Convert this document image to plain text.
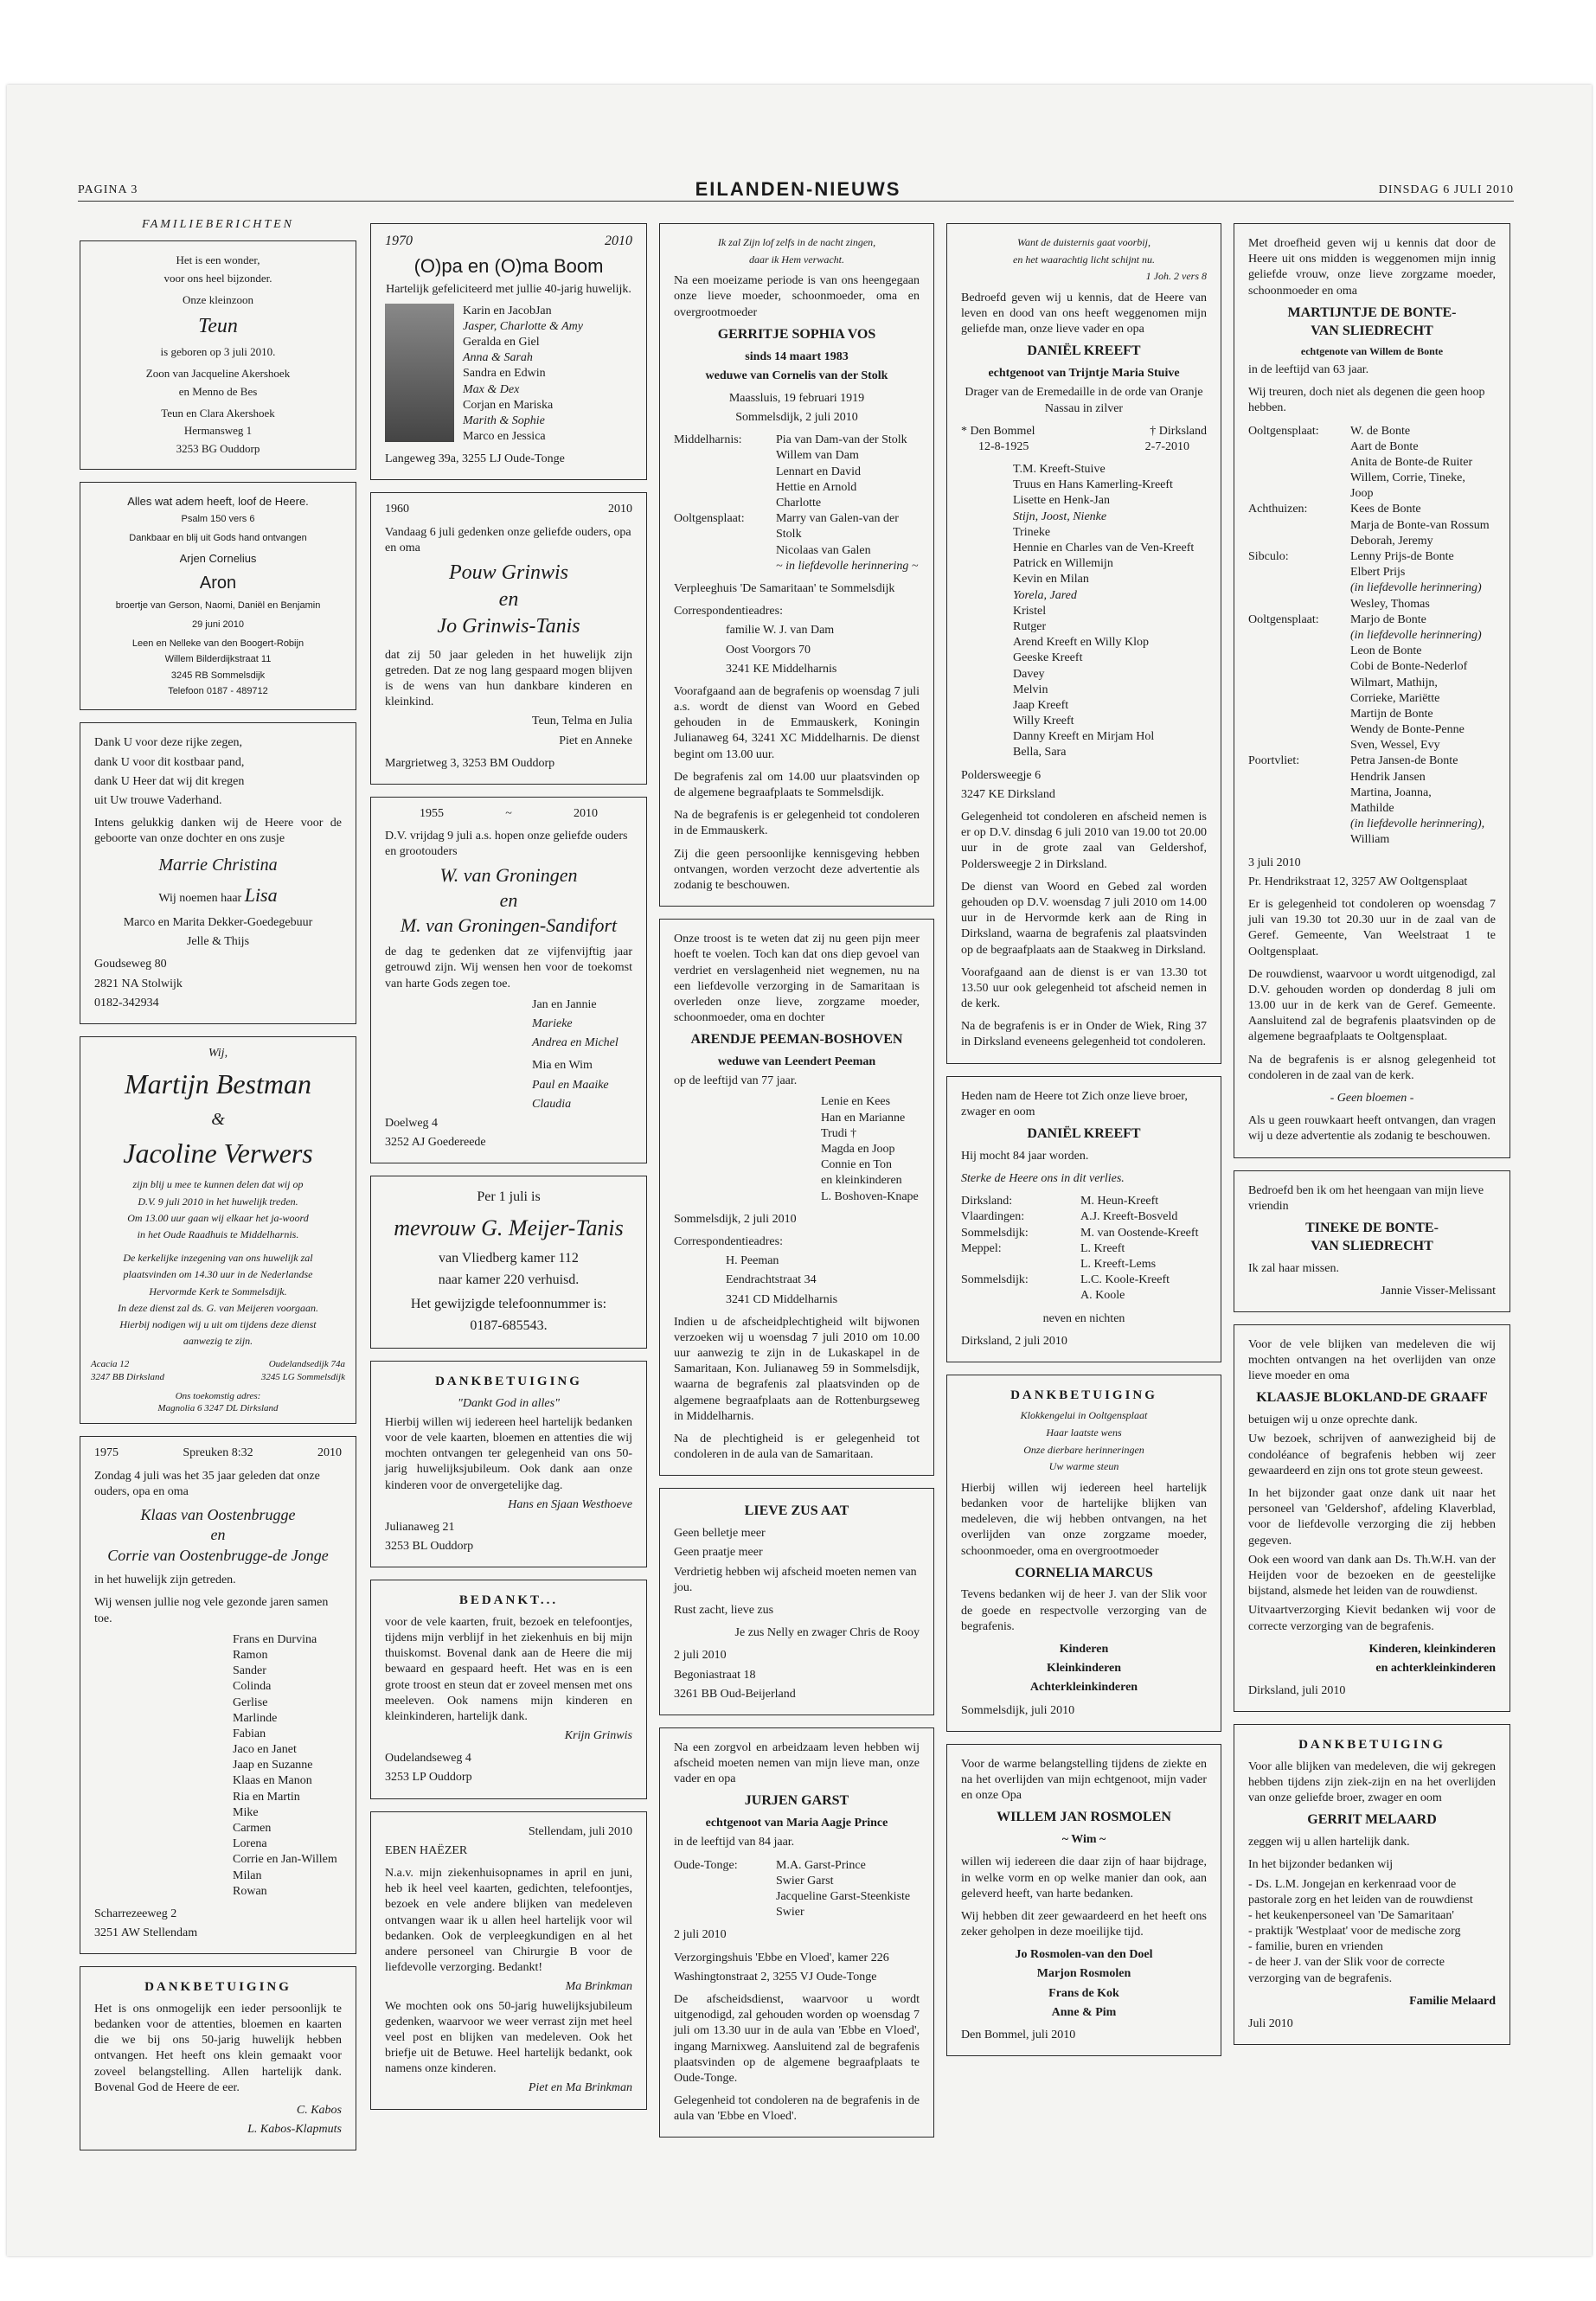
PAGINA 3	EILANDEN-NIEUWS	DINSDAG 6 JULI 2010
FAMILIEBERICHTEN

Het is een wonder,

voor ons heel bijzonder.

Onze kleinzoon

Teun

is geboren op 3 juli 2010.

Zoon van Jacqueline Akershoek

en Menno de Bes

Teun en Clara Akershoek

Hermansweg 1

3253 BG Ouddorp

Alles wat adem heeft, loof de Heere.

Psalm 150 vers 6

Dankbaar en blij uit Gods hand ontvangen

Arjen Cornelius

Aron

broertje van Gerson, Naomi, Daniël en Benjamin

29 juni 2010

Leen en Nelleke van den Boogert-Robijn

Willem Bilderdijkstraat 11

3245 RB Sommelsdijk

Telefoon 0187 - 489712

Dank U voor deze rijke zegen,

dank U voor dit kostbaar pand,

dank U Heer dat wij dit kregen

uit Uw trouwe Vaderhand.

Intens gelukkig danken wij de Heere voor de geboorte van onze dochter en ons zusje

Marrie Christina

Wij noemen haar Lisa

Marco en Marita Dekker-Goedegebuur

Jelle & Thijs

Goudseweg 80

2821 NA Stolwijk

0182-342934

Wij,
Martijn Bestman
&
Jacoline Verwers
zijn blij u mee te kunnen delen dat wij op
D.V. 9 juli 2010 in het huwelijk treden.
Om 13.00 uur gaan wij elkaar het ja-woord
in het Oude Raadhuis te Middelharnis.
De kerkelijke inzegening van ons huwelijk zal
plaatsvinden om 14.30 uur in de Nederlandse
Hervormde Kerk te Sommelsdijk.
In deze dienst zal ds. G. van Meijeren voorgaan.
Hierbij nodigen wij u uit om tijdens deze dienst
aanwezig te zijn.
Acacia 12	Oudelandsedijk 74a
3247 BB Dirksland	3245 LG Sommelsdijk
Ons toekomstig adres:
Magnolia 6 3247 DL Dirksland
1975	Spreuken 8:32	2010

Zondag 4 juli was het 35 jaar geleden dat onze ouders, opa en oma

Klaas van Oostenbrugge
en
Corrie van Oostenbrugge-de Jonge

in het huwelijk zijn getreden.

Wij wensen jullie nog vele gezonde jaren samen toe.

Frans en Durvina
Ramon
Sander
Colinda
Gerlise
Marlinde
Fabian
Jaco en Janet
Jaap en Suzanne
Klaas en Manon
Ria en Martin
Mike
Carmen
Lorena
Corrie en Jan-Willem
Milan
Rowan

Scharrezeeweg 2

3251 AW Stellendam

DANKBETUIGING

Het is ons onmogelijk een ieder persoonlijk te bedanken voor de attenties, bloemen en kaarten die we bij ons 50-jarig huwelijk hebben ontvangen. Het heeft ons klein gemaakt voor zoveel belangstelling. Allen hartelijk dank. Bovenal God de Heere de eer.

C. Kabos

L. Kabos-Klapmuts

1970	2010
(O)pa en (O)ma Boom

Hartelijk gefeliciteerd met jullie 40-jarig huwelijk.

Karin en JacobJan
Jasper, Charlotte & Amy
Geralda en Giel
Anna & Sarah
Sandra en Edwin
Max & Dex
Corjan en Mariska
Marith & Sophie
Marco en Jessica

Langeweg 39a, 3255 LJ Oude-Tonge

1960	2010

Vandaag 6 juli gedenken onze geliefde ouders, opa en oma

Pouw Grinwis
en
Jo Grinwis-Tanis

dat zij 50 jaar geleden in het huwelijk zijn getreden. Dat ze nog lang gespaard mogen blijven is de wens van hun dankbare kinderen en kleinkind.

Teun, Telma en Julia

Piet en Anneke

Margrietweg 3, 3253 BM Ouddorp

1955	~	2010

D.V. vrijdag 9 juli a.s. hopen onze geliefde ouders en grootouders

W. van Groningen
en
M. van Groningen-Sandifort

de dag te gedenken dat ze vijfenvijftig jaar getrouwd zijn. Wij wensen hen voor de toekomst van harte Gods zegen toe.

Jan en Jannie

Marieke

Andrea en Michel

Mia en Wim

Paul en Maaike

Claudia

Doelweg 4

3252 AJ Goedereede

Per 1 juli is

mevrouw G. Meijer-Tanis

van Vliedberg kamer 112

naar kamer 220 verhuisd.

Het gewijzigde telefoonnummer is:

0187-685543.

DANKBETUIGING

"Dankt God in alles"

Hierbij willen wij iedereen heel hartelijk bedanken voor de vele kaarten, bloemen en attenties die wij mochten ontvangen ter gelegenheid van ons 50-jarig huwelijksjubileum. Ook dank aan onze kinderen voor de onvergetelijke dag.

Hans en Sjaan Westhoeve

Julianaweg 21

3253 BL Ouddorp

BEDANKT...

voor de vele kaarten, fruit, bezoek en telefoontjes, tijdens mijn verblijf in het ziekenhuis en bij mijn thuiskomst. Bovenal dank aan de Heere die mij bewaard en gespaard heeft. Het was en is een grote troost en steun dat er zoveel mensen met ons meeleven. Ook namens mijn kinderen en kleinkinderen, hartelijk dank.

Krijn Grinwis

Oudelandseweg 4

3253 LP Ouddorp

Stellendam, juli 2010

EBEN HAËZER

N.a.v. mijn ziekenhuisopnames in april en juni, heb ik heel veel kaarten, gedichten, telefoontjes, bezoek en vele andere blijken van medeleven ontvangen waar ik u allen heel hartelijk voor wil bedanken. Ook de verpleegkundigen en al het andere personeel van Chirurgie B voor de liefdevolle verzorging. Bedankt!

Ma Brinkman

We mochten ook ons 50-jarig huwelijksjubileum gedenken, waarvoor we weer verrast zijn met heel veel post en blijken van medeleven. Ook het briefje uit de Betuwe. Heel hartelijk bedankt, ook namens onze kinderen.

Piet en Ma Brinkman

Ik zal Zijn lof zelfs in de nacht zingen,

daar ik Hem verwacht.

Na een moeizame periode is van ons heengegaan onze lieve moeder, schoonmoeder, oma en overgrootmoeder

GERRITJE SOPHIA VOS

sinds 14 maart 1983

weduwe van Cornelis van der Stolk

Maassluis, 19 februari 1919

Sommelsdijk, 2 juli 2010

Middelharnis:	Pia van Dam-van der Stolk
Willem van Dam
Lennart en David
Hettie en Arnold
Charlotte
Ooltgensplaat:	Marry van Galen-van der Stolk
Nicolaas van Galen
~ in liefdevolle herinnering ~

Verpleeghuis 'De Samaritaan' te Sommelsdijk

Correspondentieadres:

familie W. J. van Dam

Oost Voorgors 70

3241 KE Middelharnis

Voorafgaand aan de begrafenis op woensdag 7 juli a.s. wordt de dienst van Woord en Gebed gehouden in de Emmauskerk, Koningin Julianaweg 64, 3241 XC Middelharnis. De dienst begint om 13.00 uur.

De begrafenis zal om 14.00 uur plaatsvinden op de algemene begraafplaats te Sommelsdijk.

Na de begrafenis is er gelegenheid tot condoleren in de Emmauskerk.

Zij die geen persoonlijke kennisgeving hebben ontvangen, worden verzocht deze advertentie als zodanig te beschouwen.

Onze troost is te weten dat zij nu geen pijn meer hoeft te voelen. Toch kan dat ons diep gevoel van verdriet en verslagenheid niet wegnemen, nu na een liefdevolle verzorging in de Samaritaan is overleden onze lieve, zorgzame moeder, schoonmoeder, oma en dochter

ARENDJE PEEMAN-BOSHOVEN

weduwe van Leendert Peeman

op de leeftijd van 77 jaar.

Lenie en Kees
Han en Marianne
Trudi †
Magda en Joop
Connie en Ton
en kleinkinderen
L. Boshoven-Knape

Sommelsdijk, 2 juli 2010

Correspondentieadres:

H. Peeman

Eendrachtstraat 34

3241 CD Middelharnis

Indien u de afscheidplechtigheid wilt bijwonen verzoeken wij u woensdag 7 juli 2010 om 10.00 uur aanwezig te zijn in de Lukaskapel in de Samaritaan, Kon. Julianaweg 59 in Sommelsdijk, waarna de begrafenis zal plaatsvinden op de algemene begraafplaats aan de Rottenburgseweg in Middelharnis.

Na de plechtigheid is er gelegenheid tot condoleren in de aula van de Samaritaan.

LIEVE ZUS AAT

Geen belletje meer

Geen praatje meer

Verdrietig hebben wij afscheid moeten nemen van jou.

Rust zacht, lieve zus

Je zus Nelly en zwager Chris de Rooy

2 juli 2010

Begoniastraat 18

3261 BB Oud-Beijerland

Na een zorgvol en arbeidzaam leven hebben wij afscheid moeten nemen van mijn lieve man, onze vader en opa

JURJEN GARST

echtgenoot van Maria Aagje Prince

in de leeftijd van 84 jaar.

Oude-Tonge:	M.A. Garst-Prince
Swier Garst
Jacqueline Garst-Steenkiste
Swier

2 juli 2010

Verzorgingshuis 'Ebbe en Vloed', kamer 226

Washingtonstraat 2, 3255 VJ Oude-Tonge

De afscheidsdienst, waarvoor u wordt uitgenodigd, zal gehouden worden op woensdag 7 juli om 13.30 uur in de aula van 'Ebbe en Vloed', ingang Marnixweg. Aansluitend zal de begrafenis plaatsvinden op de algemene begraafplaats te Oude-Tonge.

Gelegenheid tot condoleren na de begrafenis in de aula van 'Ebbe en Vloed'.

Want de duisternis gaat voorbij,

en het waarachtig licht schijnt nu.

1 Joh. 2 vers 8

Bedroefd geven wij u kennis, dat de Heere van leven en dood van ons heeft weggenomen mijn geliefde man, onze lieve vader en opa

DANIËL KREEFT

echtgenoot van Trijntje Maria Stuive

Drager van de Eremedaille in de orde van Oranje Nassau in zilver

* Den Bommel	† Dirksland
12-8-1925	2-7-2010
T.M. Kreeft-Stuive
Truus en Hans Kamerling-Kreeft
Lisette en Henk-Jan
Stijn, Joost, Nienke
Trineke
Hennie en Charles van de Ven-Kreeft
Patrick en Willemijn
Kevin en Milan
Yorela, Jared
Kristel
Rutger
Arend Kreeft en Willy Klop
Geeske Kreeft
Davey
Melvin
Jaap Kreeft
Willy Kreeft
Danny Kreeft en Mirjam Hol
Bella, Sara

Poldersweegje 6

3247 KE Dirksland

Gelegenheid tot condoleren en afscheid nemen is er op D.V. dinsdag 6 juli 2010 van 19.00 tot 20.00 uur in de grote zaal van Geldershof, Poldersweegje 2 in Dirksland.

De dienst van Woord en Gebed zal worden gehouden op D.V. woensdag 7 juli 2010 om 14.00 uur in de Hervormde kerk aan de Ring in Dirksland, waarna de begrafenis zal plaatsvinden op de begraafplaats aan de Staakweg in Dirksland.

Voorafgaand aan de dienst is er van 13.30 tot 13.50 uur ook gelegenheid tot afscheid nemen in de kerk.

Na de begrafenis is er in Onder de Wiek, Ring 37 in Dirksland eveneens gelegenheid tot condoleren.

Heden nam de Heere tot Zich onze lieve broer, zwager en oom

DANIËL KREEFT

Hij mocht 84 jaar worden.

Sterke de Heere ons in dit verlies.

Dirksland:	M. Heun-Kreeft
Vlaardingen:	A.J. Kreeft-Bosveld
Sommelsdijk:	M. van Oostende-Kreeft
Meppel:	L. Kreeft
L. Kreeft-Lems
Sommelsdijk:	L.C. Koole-Kreeft
A. Koole

neven en nichten

Dirksland, 2 juli 2010

DANKBETUIGING

Klokkengelui in Ooltgensplaat

Haar laatste wens

Onze dierbare herinneringen

Uw warme steun

Hierbij willen wij iedereen heel hartelijk bedanken voor de hartelijke blijken van medeleven, die wij hebben ontvangen, na het overlijden van onze zorgzame moeder, schoonmoeder, oma en overgrootmoeder

CORNELIA MARCUS

Tevens bedanken wij de heer J. van der Slik voor de goede en respectvolle verzorging van de begrafenis.

Kinderen

Kleinkinderen

Achterkleinkinderen

Sommelsdijk, juli 2010

Voor de warme belangstelling tijdens de ziekte en na het overlijden van mijn echtgenoot, mijn vader en onze Opa

WILLEM JAN ROSMOLEN

~ Wim ~

willen wij iedereen die daar zijn of haar bijdrage, in welke vorm en op welke manier dan ook, aan geleverd heeft, van harte bedanken.

Wij hebben dit zeer gewaardeerd en het heeft ons zeker geholpen in deze moeilijke tijd.

Jo Rosmolen-van den Doel

Marjon Rosmolen

Frans de Kok

Anne & Pim

Den Bommel, juli 2010

Met droefheid geven wij u kennis dat door de Heere uit ons midden is weggenomen mijn innig geliefde vrouw, onze lieve zorgzame moeder, schoonmoeder en oma

MARTIJNTJE DE BONTE-
VAN SLIEDRECHT

echtgenote van Willem de Bonte

in de leeftijd van 63 jaar.

Wij treuren, doch niet als degenen die geen hoop hebben.

Ooltgensplaat:	W. de Bonte
Aart de Bonte
Anita de Bonte-de Ruiter
Willem, Corrie, Tineke,
Joop
Achthuizen:	Kees de Bonte
Marja de Bonte-van Rossum
Deborah, Jeremy
Sibculo:	Lenny Prijs-de Bonte
Elbert Prijs
(in liefdevolle herinnering)
Wesley, Thomas
Ooltgensplaat:	Marjo de Bonte
(in liefdevolle herinnering)
Leon de Bonte
Cobi de Bonte-Nederlof
Wilmart, Mathijn,
Corrieke, Mariëtte
Martijn de Bonte
Wendy de Bonte-Penne
Sven, Wessel, Evy
Poortvliet:	Petra Jansen-de Bonte
Hendrik Jansen
Martina, Joanna,
Mathilde
(in liefdevolle herinnering),
William

3 juli 2010

Pr. Hendrikstraat 12, 3257 AW Ooltgensplaat

Er is gelegenheid tot condoleren op woensdag 7 juli van 19.30 tot 20.30 uur in de zaal van de Geref. Gemeente, Van Weelstraat 1 te Ooltgensplaat.

De rouwdienst, waarvoor u wordt uitgenodigd, zal D.V. gehouden worden op donderdag 8 juli om 13.00 uur in de kerk van de Geref. Gemeente. Aansluitend zal de begrafenis plaatsvinden op de algemene begraafplaats te Ooltgensplaat.

Na de begrafenis is er alsnog gelegenheid tot condoleren in de zaal van de kerk.

- Geen bloemen -

Als u geen rouwkaart heeft ontvangen, dan vragen wij u deze advertentie als zodanig te beschouwen.

Bedroefd ben ik om het heengaan van mijn lieve vriendin

TINEKE DE BONTE-
VAN SLIEDRECHT

Ik zal haar missen.

Jannie Visser-Melissant

Voor de vele blijken van medeleven die wij mochten ontvangen na het overlijden van onze lieve moeder en oma

KLAASJE BLOKLAND-DE GRAAFF

betuigen wij u onze oprechte dank.

Uw bezoek, schrijven of aanwezigheid bij de condoléance of begrafenis hebben wij zeer gewaardeerd en zijn ons tot grote steun geweest.

In het bijzonder gaat onze dank uit naar het personeel van 'Geldershof', afdeling Klaverblad, voor de liefdevolle verzorging die zij hebben gegeven.

Ook een woord van dank aan Ds. Th.W.H. van der Heijden voor de bezoeken en de geestelijke bijstand, alsmede het leiden van de rouwdienst.

Uitvaartverzorging Kievit bedanken wij voor de correcte verzorging van de begrafenis.

Kinderen, kleinkinderen

en achterkleinkinderen

Dirksland, juli 2010

DANKBETUIGING

Voor alle blijken van medeleven, die wij gekregen hebben tijdens zijn ziek-zijn en na het overlijden van onze geliefde broer, zwager en oom

GERRIT MELAARD

zeggen wij u allen hartelijk dank.

In het bijzonder bedanken wij

- Ds. L.M. Jongejan en kerkenraad voor de pastorale zorg en het leiden van de rouwdienst
- het keukenpersoneel van 'De Samaritaan'
- praktijk 'Westplaat' voor de medische zorg
- familie, buren en vrienden
- de heer J. van der Slik voor de correcte verzorging van de begrafenis.

Familie Melaard

Juli 2010
